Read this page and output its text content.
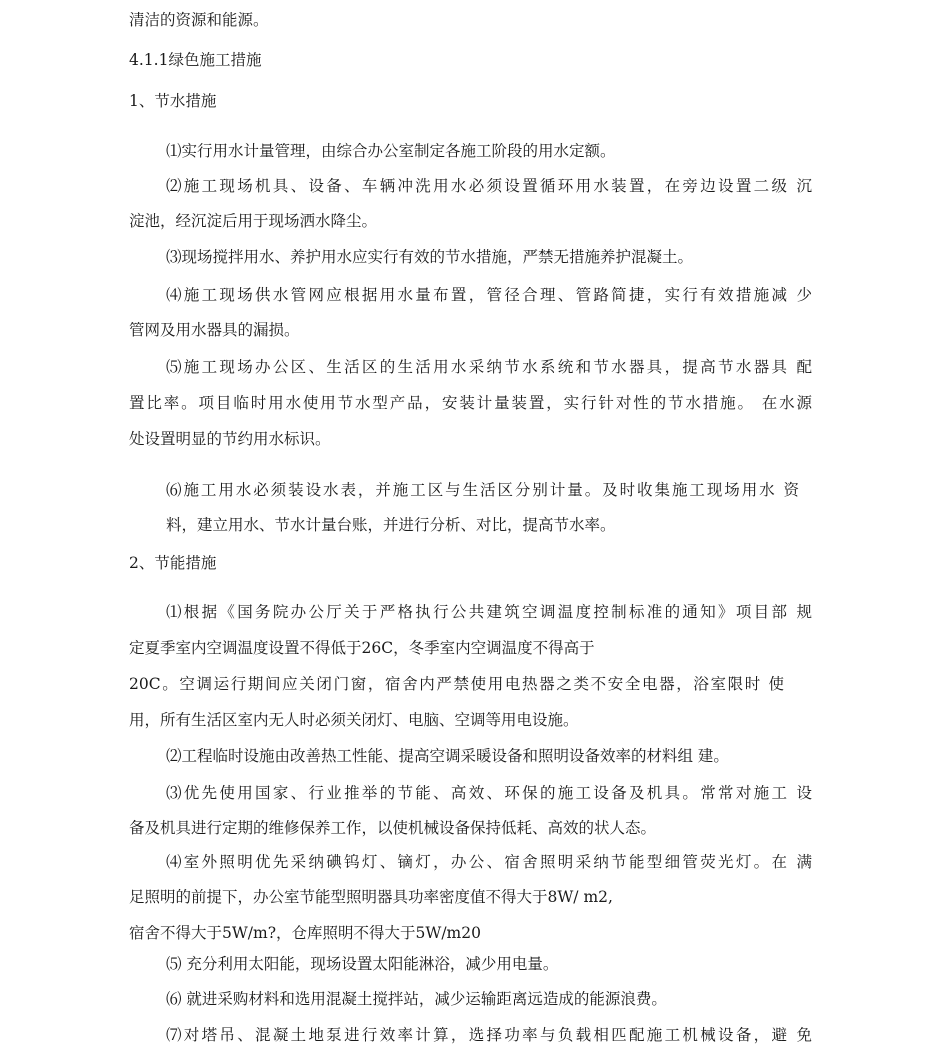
清洁的资源和能源。

4.1.1绿色施工措施

1、节水措施

⑴实行用水计量管理，由综合办公室制定各施工阶段的用水定额。

⑵施工现场机具、设备、车辆冲洗用水必须设置循环用水装置，在旁边设置二级 沉

淀池，经沉淀后用于现场洒水降尘。

⑶现场搅拌用水、养护用水应实行有效的节水措施，严禁无措施养护混凝土。

⑷施工现场供水管网应根据用水量布置，管径合理、管路简捷，实行有效措施减 少

管网及用水器具的漏损。

⑸施工现场办公区、生活区的生活用水采纳节水系统和节水器具，提高节水器具 配

置比率。项目临时用水使用节水型产品，安装计量装置，实行针对性的节水措施。 在水源

处设置明显的节约用水标识。

⑹施工用水必须装设水表，并施工区与生活区分别计量。及时收集施工现场用水 资

料，建立用水、节水计量台账，并进行分析、对比，提高节水率。

2、节能措施

⑴根据《国务院办公厅关于严格执行公共建筑空调温度控制标准的通知》项目部 规

定夏季室内空调温度设置不得低于26C，冬季室内空调温度不得高于

20C。空调运行期间应关闭门窗，宿舍内严禁使用电热器之类不安全电器，浴室限时 使

用，所有生活区室内无人时必须关闭灯、电脑、空调等用电设施。

⑵工程临时设施由改善热工性能、提高空调采暖设备和照明设备效率的材料组 建。

⑶优先使用国家、行业推举的节能、高效、环保的施工设备及机具。常常对施工 设

备及机具进行定期的维修保养工作，以使机械设备保持低耗、高效的状人态。

⑷室外照明优先采纳碘钨灯、镝灯，办公、宿舍照明采纳节能型细管荧光灯。在 满

足照明的前提下，办公室节能型照明器具功率密度值不得大于8W/ m2,

宿舍不得大于5W/m?，仓库照明不得大于5W/m20

⑸ 充分利用太阳能，现场设置太阳能淋浴，减少用电量。

⑹ 就进采购材料和选用混凝土搅拌站，减少运输距离远造成的能源浪费。

⑺对塔吊、混凝土地泵进行效率计算，选择功率与负载相匹配施工机械设备，避 免
